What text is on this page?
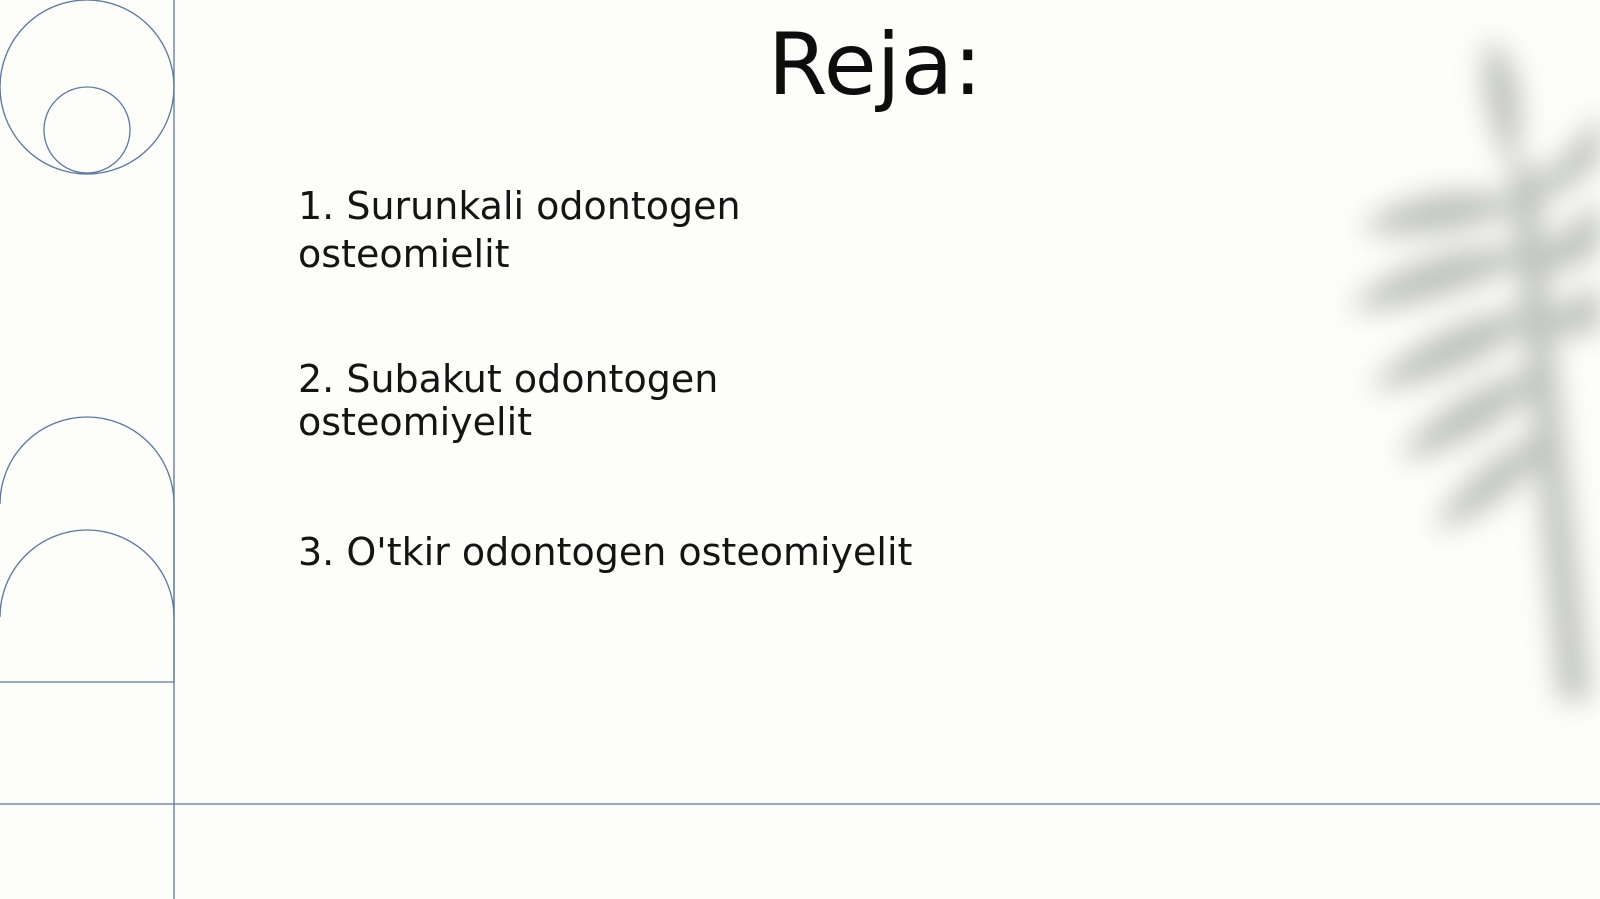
Reja:
1. Surunkali odontogen osteomielit
2. Subakut odontogen osteomiyelit
3. O'tkir odontogen osteomiyelit
